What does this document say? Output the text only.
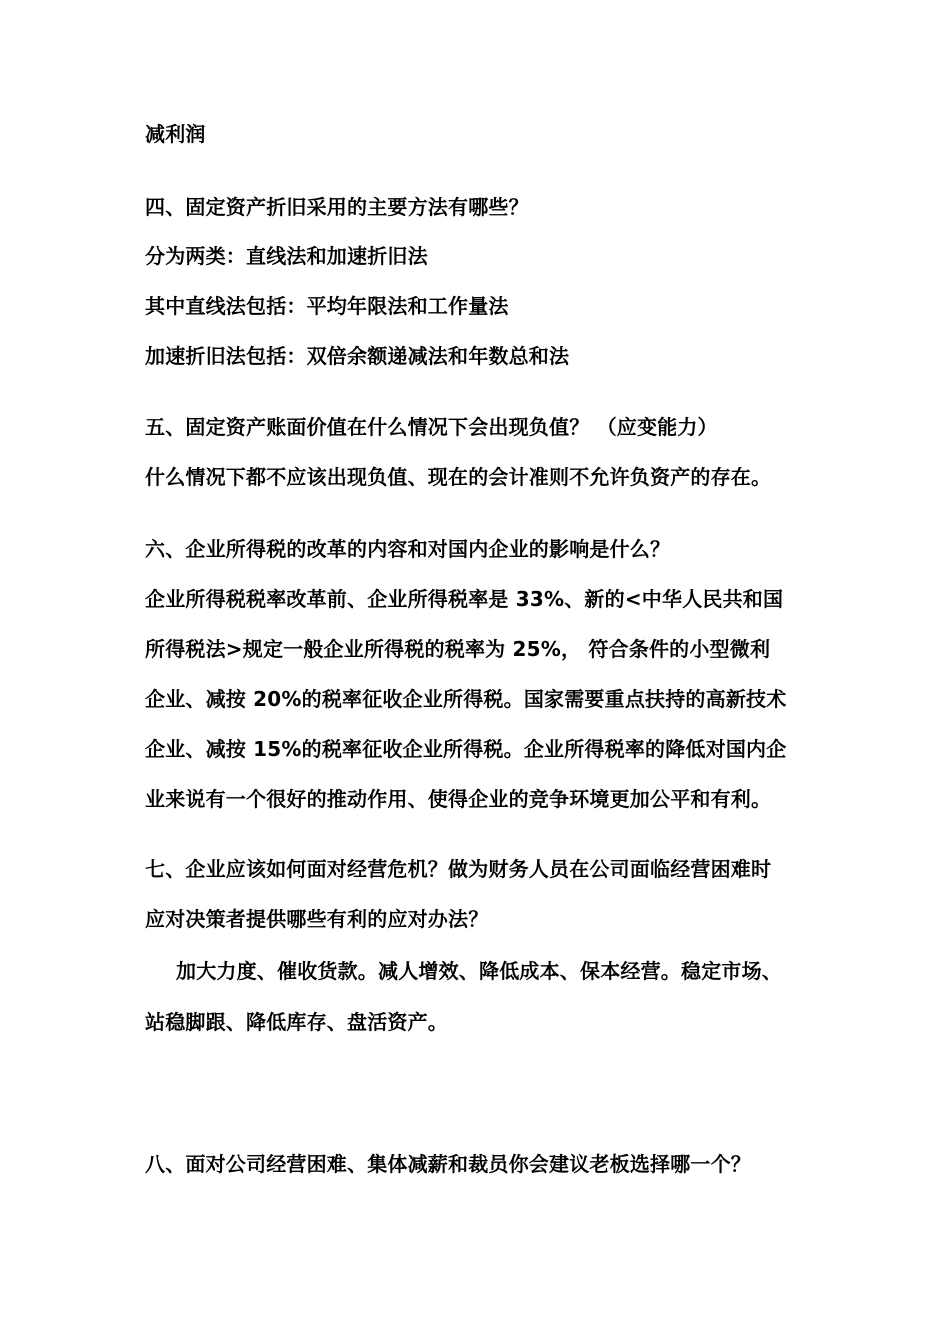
减利润
四、固定资产折旧采用的主要方法有哪些？
分为两类：直线法和加速折旧法
其中直线法包括：平均年限法和工作量法
加速折旧法包括：双倍余额递减法和年数总和法
五、固定资产账面价值在什么情况下会出现负值？ （应变能力）
什么情况下都不应该出现负值、现在的会计准则不允许负资产的存在。
六、企业所得税的改革的内容和对国内企业的影响是什么？
企业所得税税率改革前、企业所得税率是 33%、新的<中华人民共和国
所得税法>规定一般企业所得税的税率为 25%， 符合条件的小型微利
企业、减按 20%的税率征收企业所得税。国家需要重点扶持的高新技术
企业、减按 15%的税率征收企业所得税。企业所得税率的降低对国内企
业来说有一个很好的推动作用、使得企业的竞争环境更加公平和有利。
七、企业应该如何面对经营危机？做为财务人员在公司面临经营困难时
应对决策者提供哪些有利的应对办法？
加大力度、催收货款。减人增效、降低成本、保本经营。稳定市场、
站稳脚跟、降低库存、盘活资产。
八、面对公司经营困难、集体减薪和裁员你会建议老板选择哪一个？
